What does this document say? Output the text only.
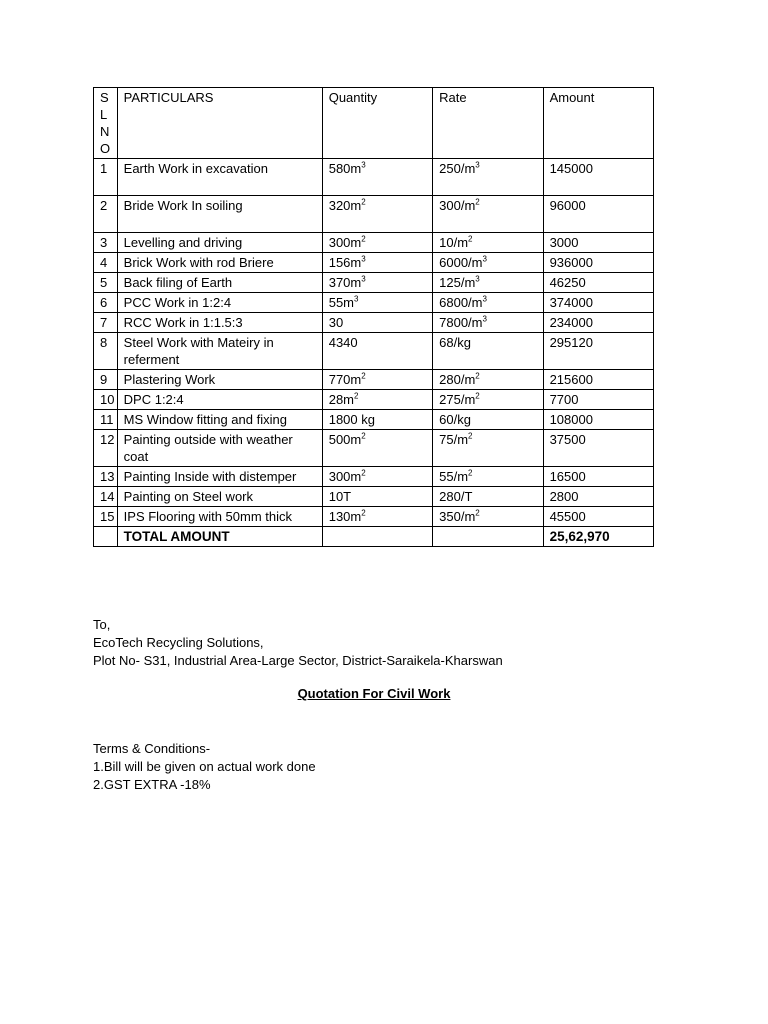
SL N O	PARTICULARS	Quantity	Rate	Amount
1	Earth Work in excavation	$580m^3$	$250/m^3$	145000
2	Bride Work In soiling	$320m^2$	$300/m^2$	96000
3	Levelling and driving	$300m^2$	$10/m^2$	3000
4	Brick Work with rod Briere	$156m^3$	$6000/m^3$	936000
5	Back filing of Earth	$370m^3$	$125/m^3$	46250
6	PCC Work in 1:2:4	$55m^3$	$6800/m^3$	374000
7	RCC Work in 1:1.5:3	30	$7800/m^3$	234000
8	Steel Work with Mateiry in referment	4340	68/kg	295120
9	Plastering Work	$770m^2$	$280/m^2$	215600
10	DPC 1:2:4	$28m^2$	$275/m^2$	7700
11	MS Window fitting and fixing	1800 kg	60/kg	108000
12	Painting outside with weather coat	$500m^2$	$75/m^2$	37500
13	Painting Inside with distemper	$300m^2$	$55/m^2$	16500
14	Painting on Steel work	10T	280/T	2800
15	IPS Flooring with 50mm thick	$130m^2$	$350/m^2$	45500
	TOTAL AMOUNT			25,62,970
To,
EcoTech Recycling Solutions,
Plot No- S31, Industrial Area-Large Sector, District-Saraikela-Kharswan
Quotation For Civil Work
Terms & Conditions-
1.Bill will be given on actual work done
2.GST EXTRA -18%
